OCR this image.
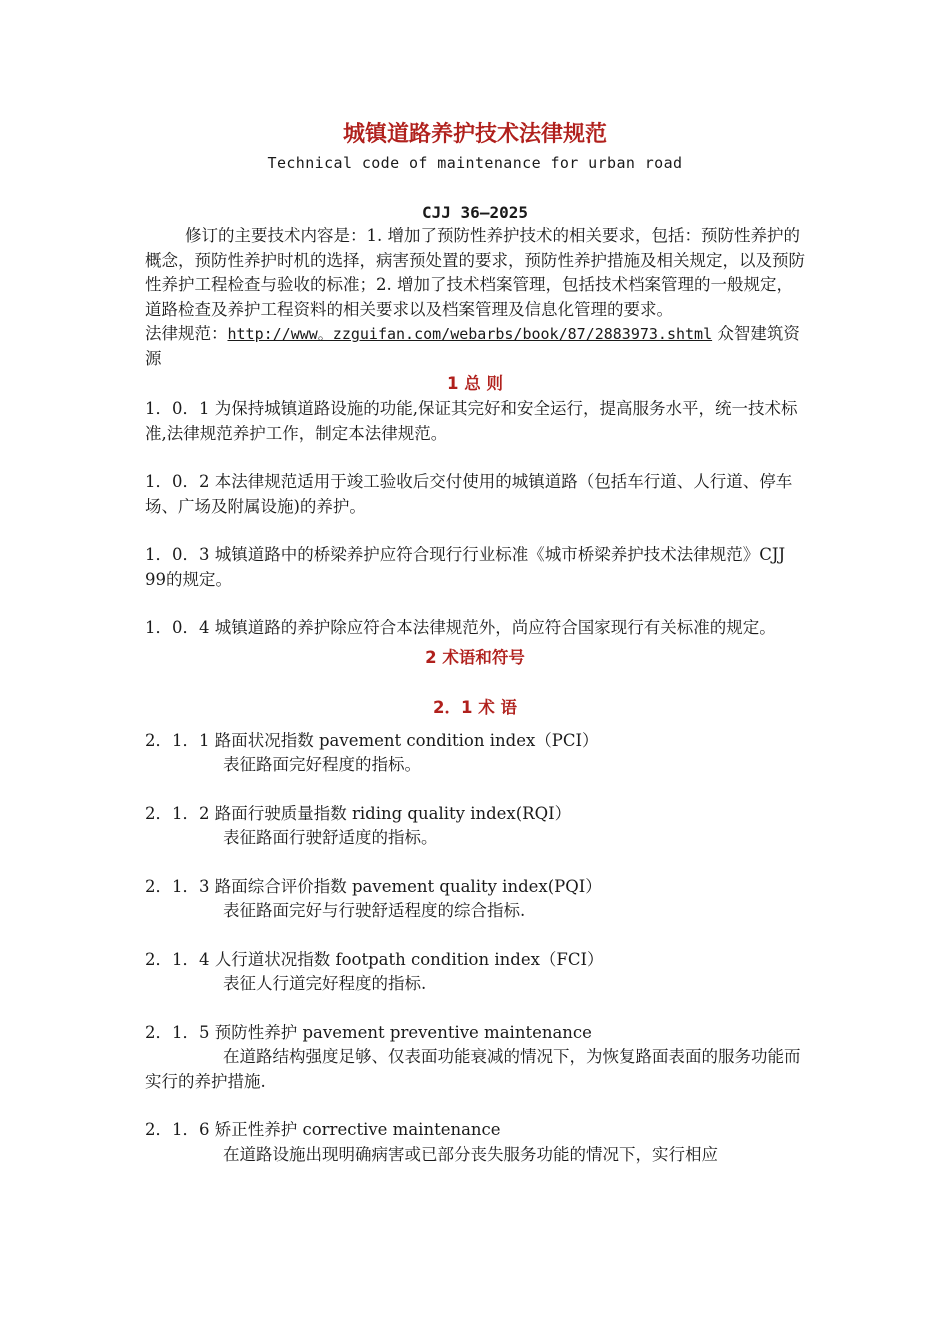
城镇道路养护技术法律规范
Technical code of maintenance for urban road
CJJ 36—2025

修订的主要技术内容是：1. 增加了预防性养护技术的相关要求，包括：预防性养护的概念，预防性养护时机的选择，病害预处置的要求，预防性养护措施及相关规定，以及预防性养护工程检查与验收的标准；2. 增加了技术档案管理，包括技术档案管理的一般规定，道路检查及养护工程资料的相关要求以及档案管理及信息化管理的要求。

法律规范：http://www。zzguifan.com/webarbs/book/87/2883973.shtml 众智建筑资源

1 总 则

1．0．1 为保持城镇道路设施的功能,保证其完好和安全运行，提高服务水平，统一技术标准,法律规范养护工作，制定本法律规范。

1．0．2 本法律规范适用于竣工验收后交付使用的城镇道路（包括车行道、人行道、停车场、广场及附属设施)的养护。

1．0．3 城镇道路中的桥梁养护应符合现行行业标准《城市桥梁养护技术法律规范》CJJ 99的规定。

1．0．4 城镇道路的养护除应符合本法律规范外，尚应符合国家现行有关标准的规定。

2 术语和符号
2．1 术 语

2．1．1 路面状况指数 pavement condition index（PCI）

表征路面完好程度的指标。

2．1．2 路面行驶质量指数 riding quality index(RQI）

表征路面行驶舒适度的指标。

2．1．3 路面综合评价指数 pavement quality index(PQI）

表征路面完好与行驶舒适程度的综合指标.

2．1．4 人行道状况指数 footpath condition index（FCI）

表征人行道完好程度的指标.

2．1．5 预防性养护 pavement preventive maintenance

在道路结构强度足够、仅表面功能衰减的情况下，为恢复路面表面的服务功能而实行的养护措施.

2．1．6 矫正性养护 corrective maintenance

在道路设施出现明确病害或已部分丧失服务功能的情况下，实行相应
